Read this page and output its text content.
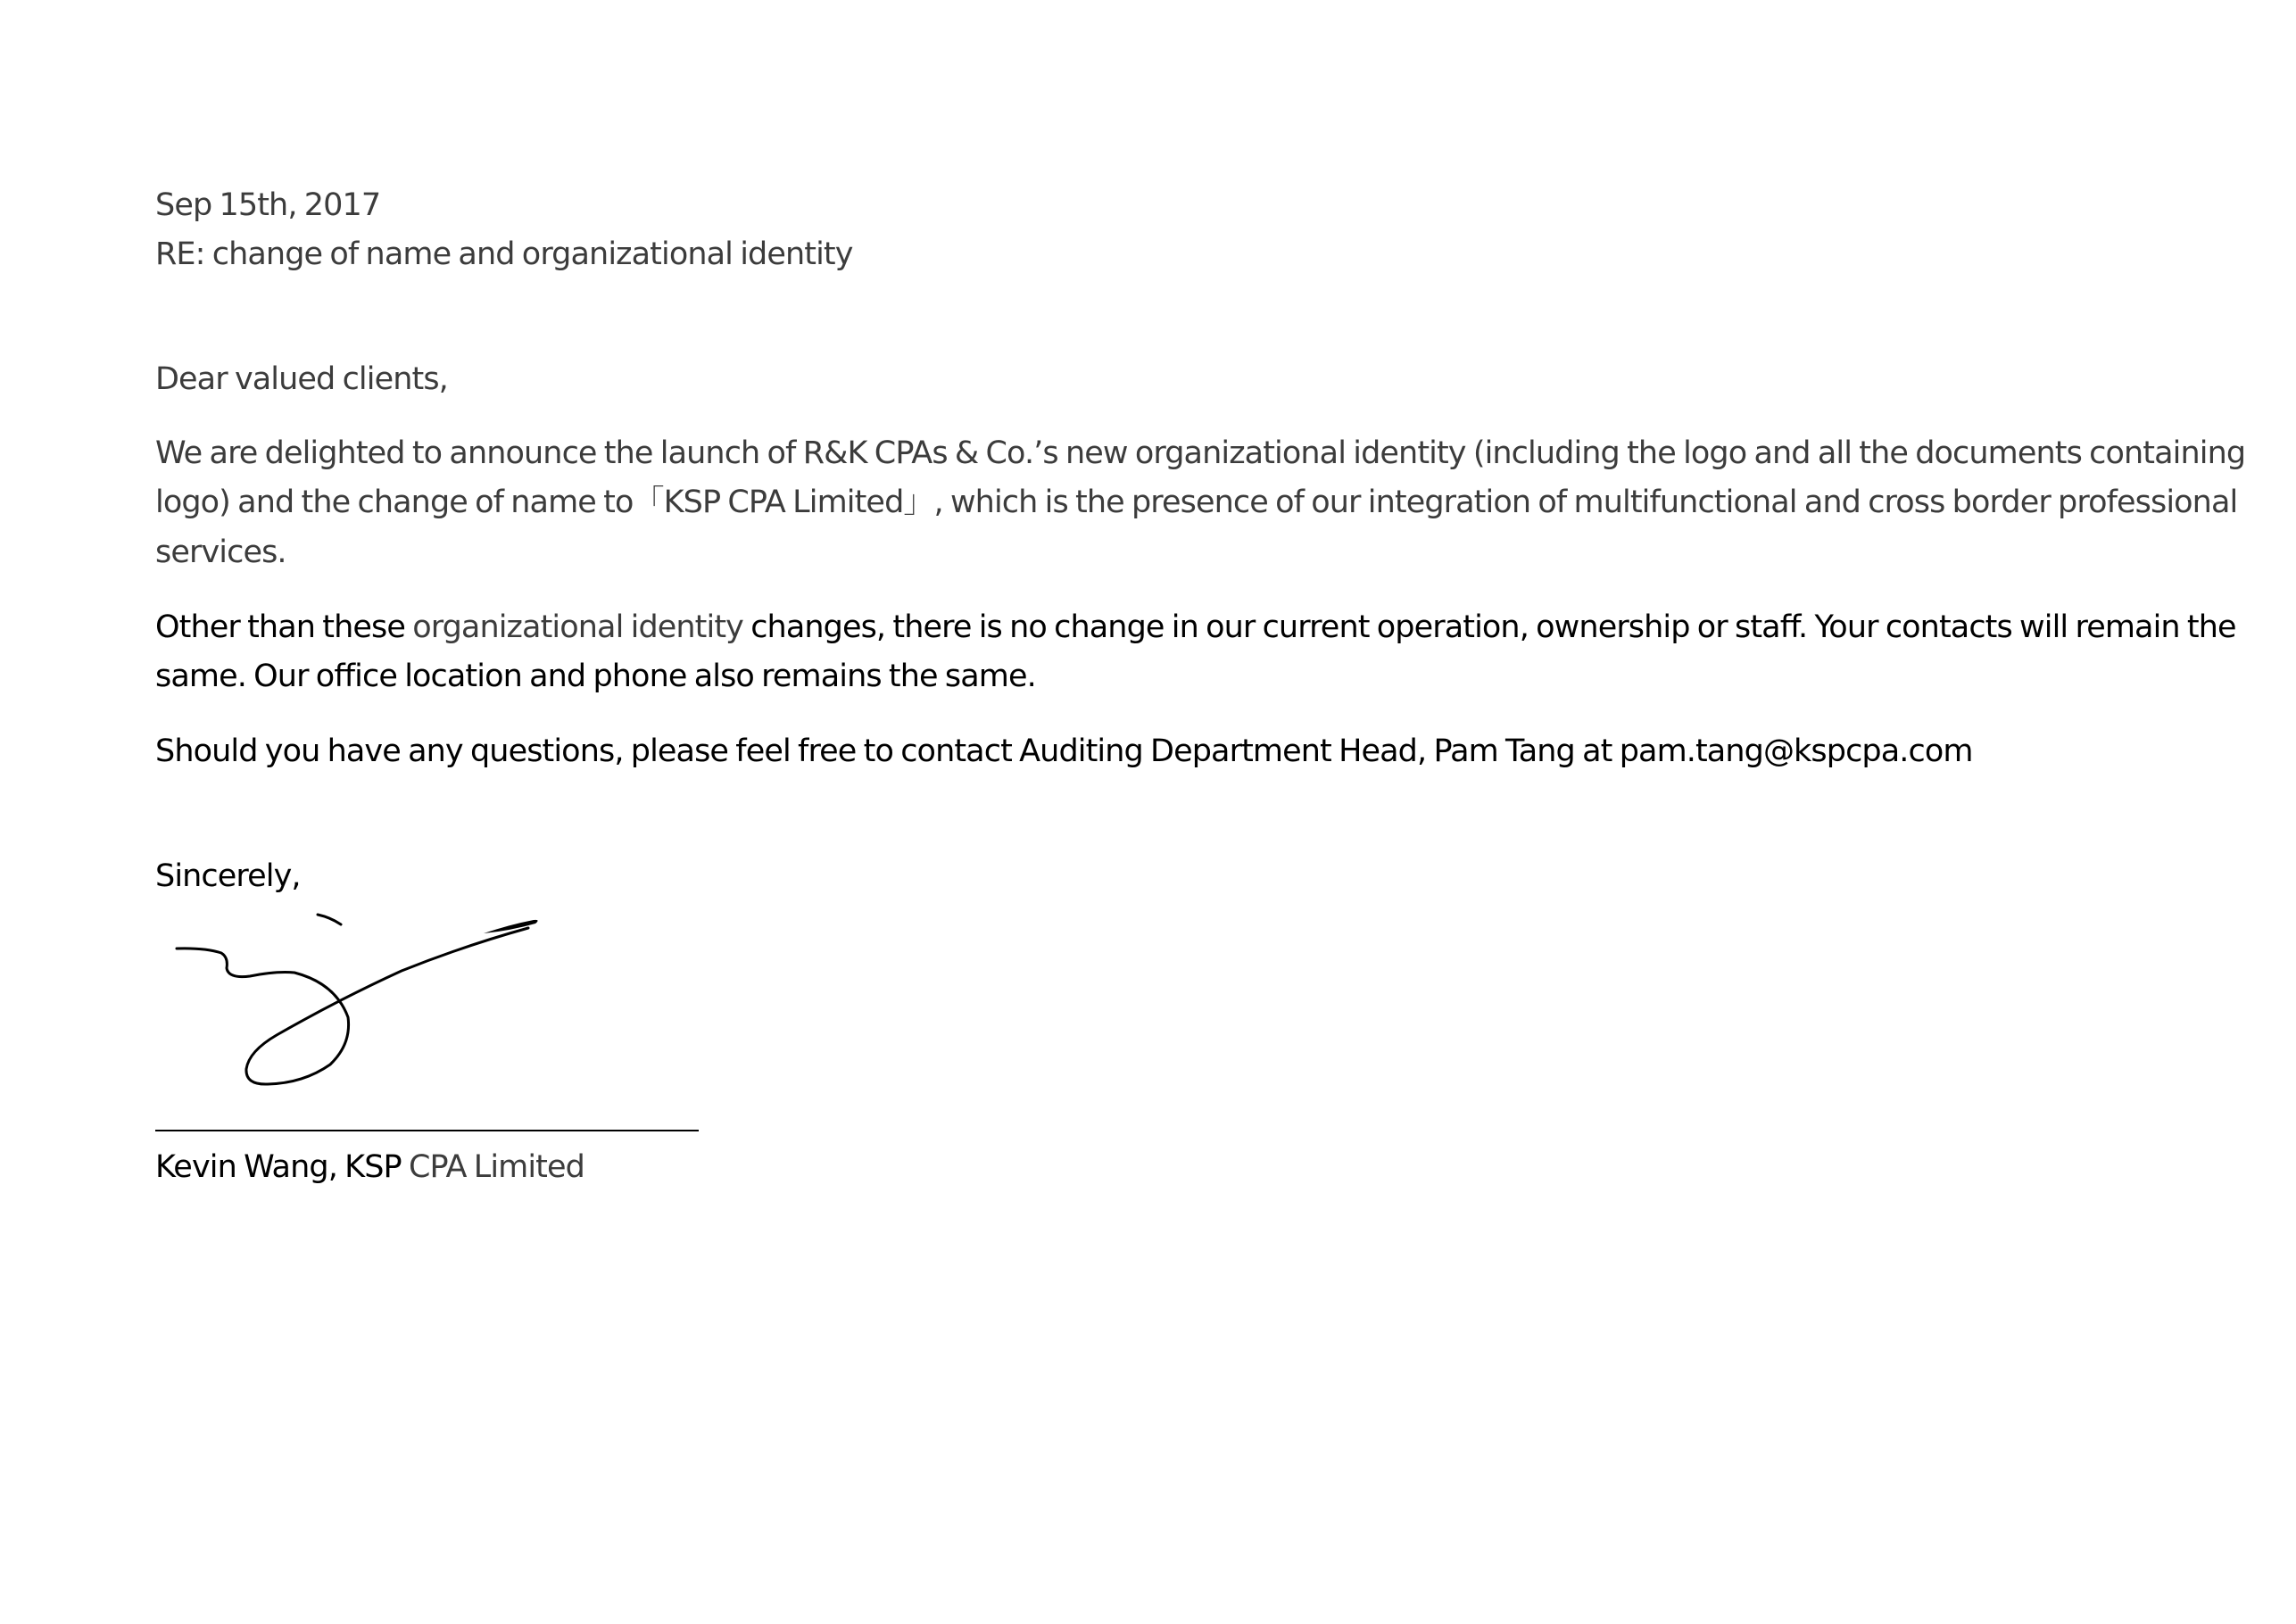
Sep 15th, 2017
RE: change of name and organizational identity
Dear valued clients,
We are delighted to announce the launch of R&K CPAs & Co.’s new organizational identity (including the logo and all the documents containing
logo) and the change of name to「KSP CPA Limited」, which is the presence of our integration of multifunctional and cross border professional
services.
Other than these organizational identity changes, there is no change in our current operation, ownership or staff. Your contacts will remain the
same. Our office location and phone also remains the same.
Should you have any questions, please feel free to contact Auditing Department Head, Pam Tang at pam.tang@kspcpa.com
Sincerely,
Kevin Wang, KSP CPA Limited
